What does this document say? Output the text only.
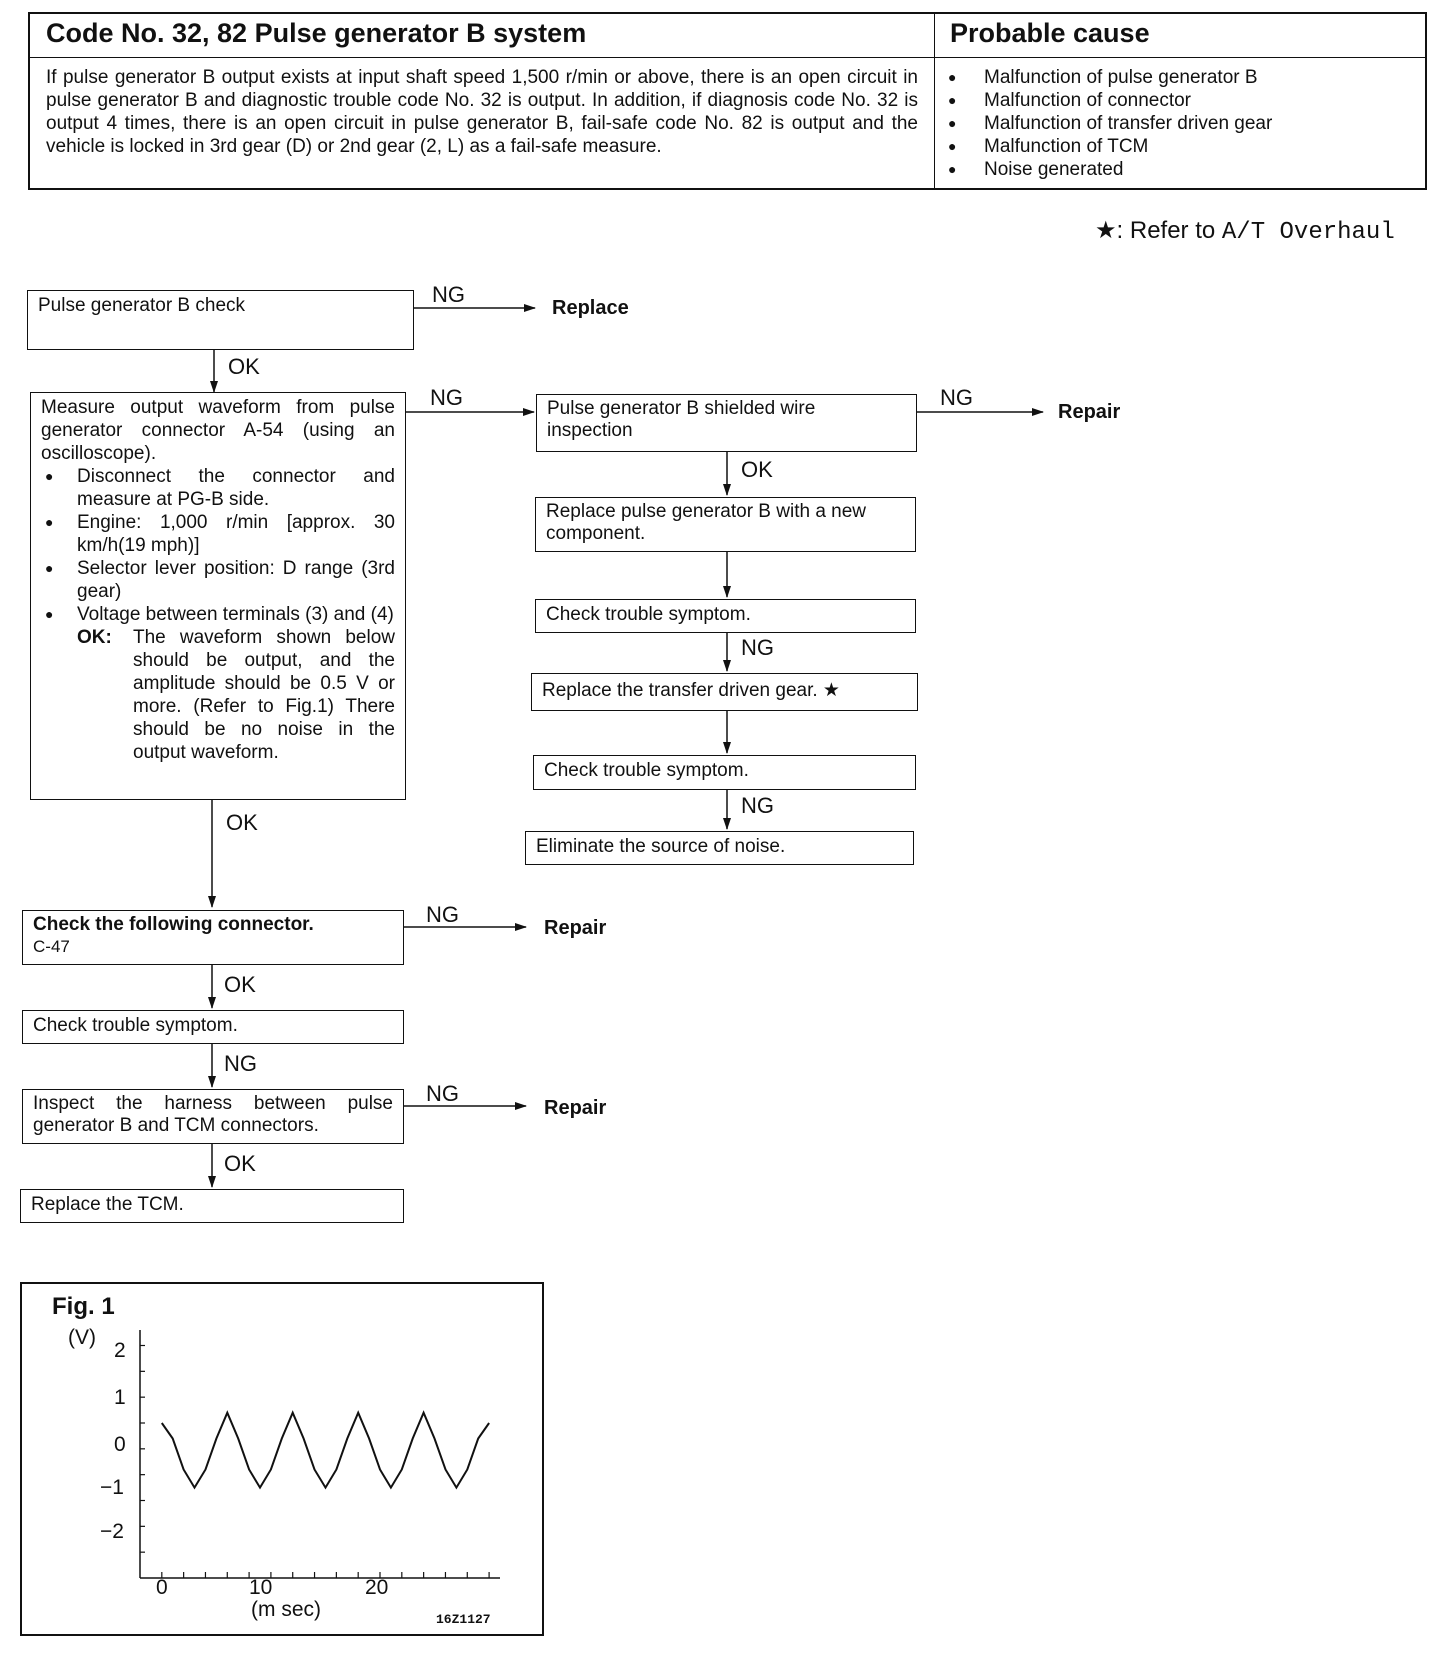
Code No. 32, 82 Pulse generator B system	Probable cause
If pulse generator B output exists at input shaft speed 1,500 r/min or above, there is an open circuit in pulse generator B and diagnostic trouble code No. 32 is output. In addition, if diagnosis code No. 32 is output 4 times, there is an open circuit in pulse generator B, fail-safe code No. 82 is output and the vehicle is locked in 3rd gear (D) or 2nd gear (2, L) as a fail-safe measure.
● Malfunction of pulse generator B
● Malfunction of connector
● Malfunction of transfer driven gear
● Malfunction of TCM
● Noise generated
★: Refer to A/T Overhaul
NG
Replace
OK
NG	NG
Repair
OK
NG
NG
OK
NG
Repair
OK
NG
NG
Repair
OK
Pulse generator B check
Measure output waveform from pulse generator connector A-54 (using an oscilloscope).
● Disconnect the connector and measure at PG-B side.
● Engine: 1,000 r/min [approx. 30 km/h(19 mph)]
● Selector lever position: D range (3rd gear)
● Voltage between terminals (3) and (4)
OK:	The waveform shown below should be output, and the amplitude should be 0.5 V or more. (Refer to Fig.1) There should be no noise in the output waveform.
Check the following connector.
C-47
Check trouble symptom.
Inspect the harness between pulse generator B and TCM connectors.
Replace the TCM.
Pulse generator B shielded wire inspection
Replace pulse generator B with a new component.
Check trouble symptom.
Replace the transfer driven gear. ★
Check trouble symptom.
Eliminate the source of noise.
Fig. 1
(V)
2
1
0
−1
−2
0	10	20
(m sec)	16Z1127
